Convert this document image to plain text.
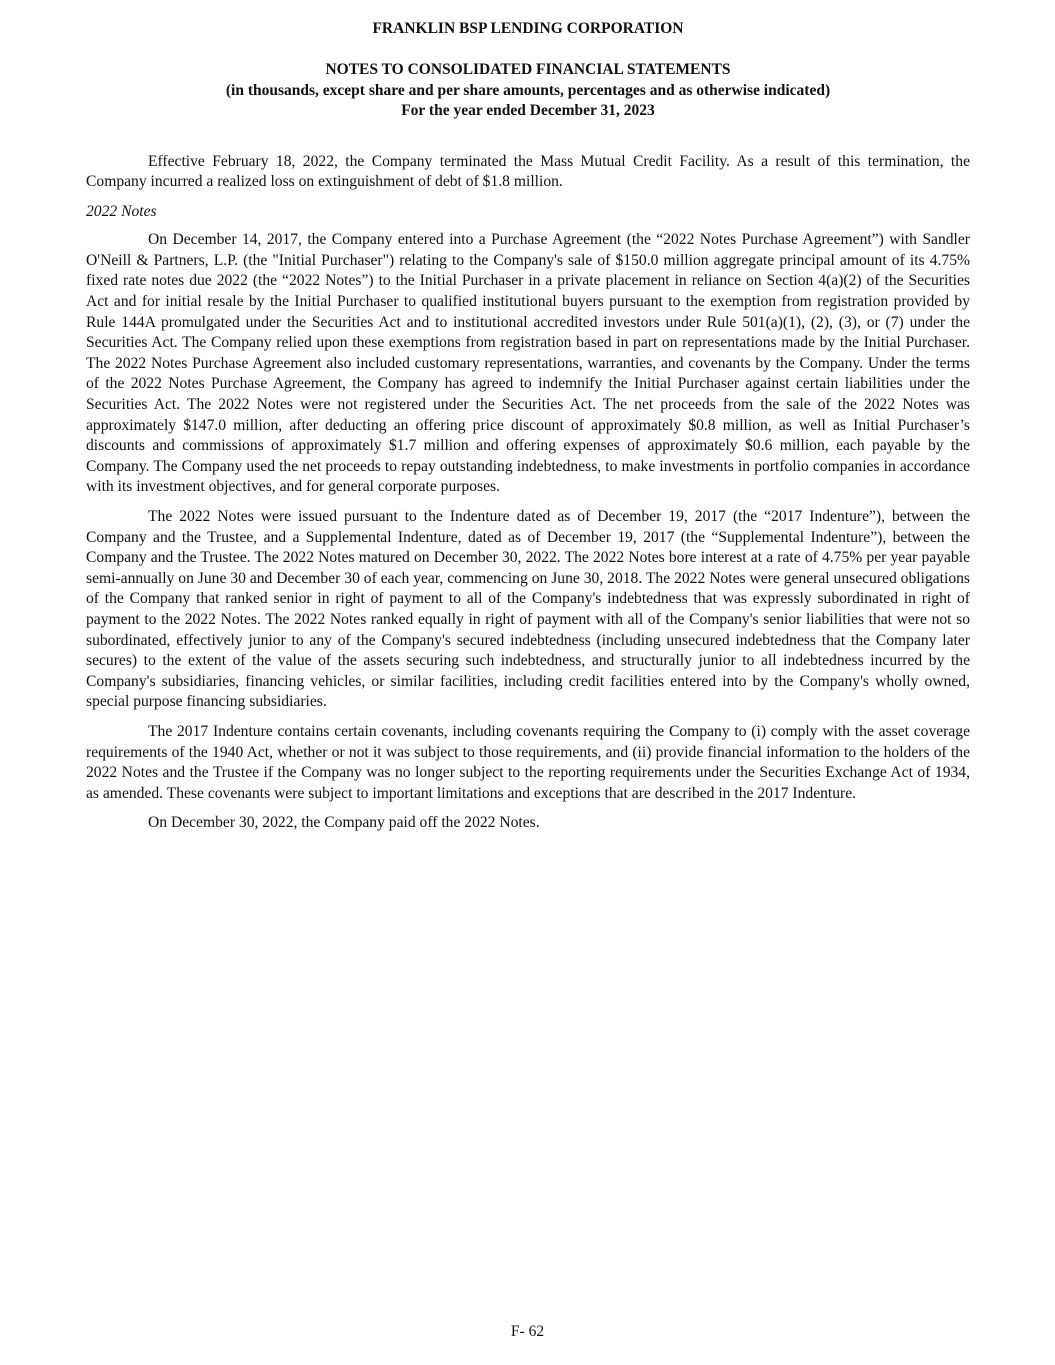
FRANKLIN BSP LENDING CORPORATION
NOTES TO CONSOLIDATED FINANCIAL STATEMENTS
(in thousands, except share and per share amounts, percentages and as otherwise indicated)
For the year ended December 31, 2023

Effective February 18, 2022, the Company terminated the Mass Mutual Credit Facility. As a result of this termination, the Company incurred a realized loss on extinguishment of debt of $1.8 million.

2022 Notes

On December 14, 2017, the Company entered into a Purchase Agreement (the “2022 Notes Purchase Agreement”) with Sandler O'Neill & Partners, L.P. (the "Initial Purchaser") relating to the Company's sale of $150.0 million aggregate principal amount of its 4.75% fixed rate notes due 2022 (the “2022 Notes”) to the Initial Purchaser in a private placement in reliance on Section 4(a)(2) of the Securities Act and for initial resale by the Initial Purchaser to qualified institutional buyers pursuant to the exemption from registration provided by Rule 144A promulgated under the Securities Act and to institutional accredited investors under Rule 501(a)(1), (2), (3), or (7) under the Securities Act. The Company relied upon these exemptions from registration based in part on representations made by the Initial Purchaser. The 2022 Notes Purchase Agreement also included customary representations, warranties, and covenants by the Company. Under the terms of the 2022 Notes Purchase Agreement, the Company has agreed to indemnify the Initial Purchaser against certain liabilities under the Securities Act. The 2022 Notes were not registered under the Securities Act. The net proceeds from the sale of the 2022 Notes was approximately $147.0 million, after deducting an offering price discount of approximately $0.8 million, as well as Initial Purchaser’s discounts and commissions of approximately $1.7 million and offering expenses of approximately $0.6 million, each payable by the Company. The Company used the net proceeds to repay outstanding indebtedness, to make investments in portfolio companies in accordance with its investment objectives, and for general corporate purposes.

The 2022 Notes were issued pursuant to the Indenture dated as of December 19, 2017 (the “2017 Indenture”), between the Company and the Trustee, and a Supplemental Indenture, dated as of December 19, 2017 (the “Supplemental Indenture”), between the Company and the Trustee. The 2022 Notes matured on December 30, 2022. The 2022 Notes bore interest at a rate of 4.75% per year payable semi-annually on June 30 and December 30 of each year, commencing on June 30, 2018. The 2022 Notes were general unsecured obligations of the Company that ranked senior in right of payment to all of the Company's indebtedness that was expressly subordinated in right of payment to the 2022 Notes. The 2022 Notes ranked equally in right of payment with all of the Company's senior liabilities that were not so subordinated, effectively junior to any of the Company's secured indebtedness (including unsecured indebtedness that the Company later secures) to the extent of the value of the assets securing such indebtedness, and structurally junior to all indebtedness incurred by the Company's subsidiaries, financing vehicles, or similar facilities, including credit facilities entered into by the Company's wholly owned, special purpose financing subsidiaries.

The 2017 Indenture contains certain covenants, including covenants requiring the Company to (i) comply with the asset coverage requirements of the 1940 Act, whether or not it was subject to those requirements, and (ii) provide financial information to the holders of the 2022 Notes and the Trustee if the Company was no longer subject to the reporting requirements under the Securities Exchange Act of 1934, as amended. These covenants were subject to important limitations and exceptions that are described in the 2017 Indenture.

On December 30, 2022, the Company paid off the 2022 Notes.

F- 62
